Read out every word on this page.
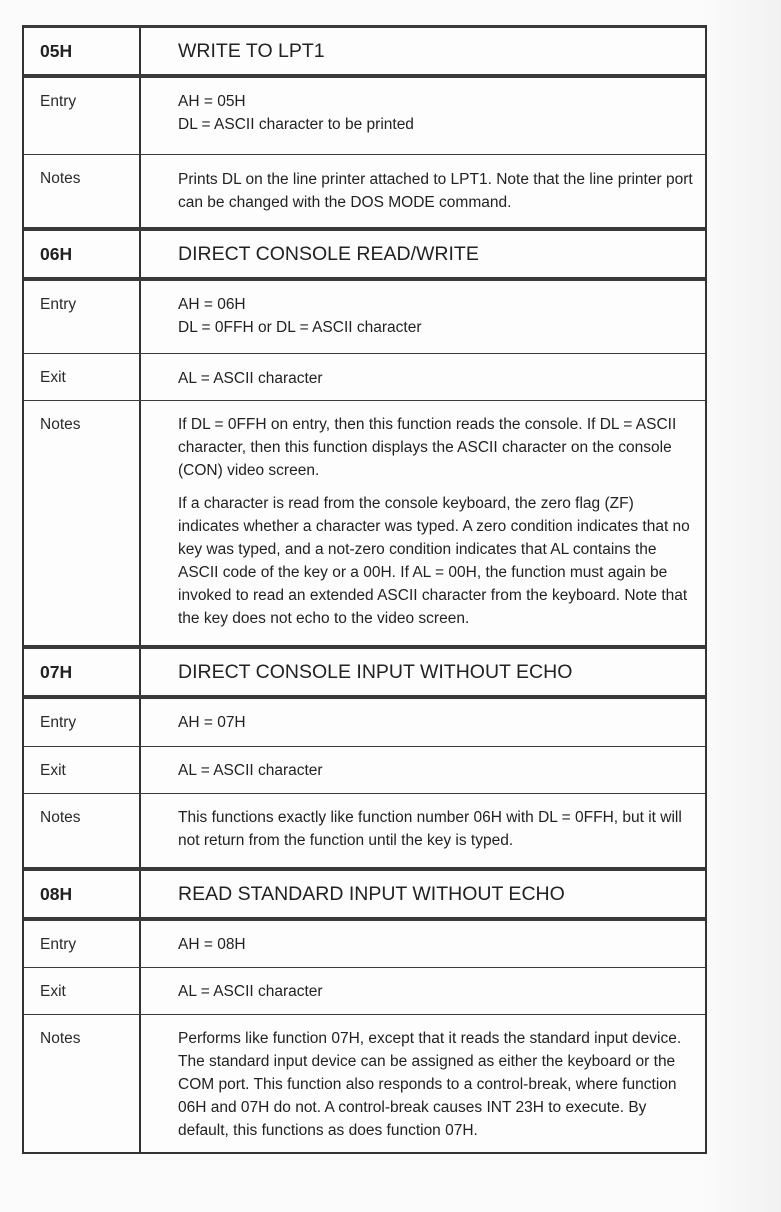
05H	WRITE TO LPT1
Entry	AH = 05H
DL = ASCII character to be printed
Notes	Prints DL on the line printer attached to LPT1. Note that the line printer port can be changed with the DOS MODE command.
06H	DIRECT CONSOLE READ/WRITE
Entry	AH = 06H
DL = 0FFH or DL = ASCII character
Exit	AL = ASCII character
Notes	If DL = 0FFH on entry, then this function reads the console. If DL = ASCII character, then this function displays the ASCII character on the console (CON) video screen.
If a character is read from the console keyboard, the zero flag (ZF) indicates whether a character was typed. A zero condition indicates that no key was typed, and a not-zero condition indicates that AL contains the ASCII code of the key or a 00H. If AL = 00H, the function must again be invoked to read an extended ASCII character from the keyboard. Note that the key does not echo to the video screen.
07H	DIRECT CONSOLE INPUT WITHOUT ECHO
Entry	AH = 07H
Exit	AL = ASCII character
Notes	This functions exactly like function number 06H with DL = 0FFH, but it will not return from the function until the key is typed.
08H	READ STANDARD INPUT WITHOUT ECHO
Entry	AH = 08H
Exit	AL = ASCII character
Notes	Performs like function 07H, except that it reads the standard input device. The standard input device can be assigned as either the keyboard or the COM port. This function also responds to a control-break, where function 06H and 07H do not. A control-break causes INT 23H to execute. By default, this functions as does function 07H.
